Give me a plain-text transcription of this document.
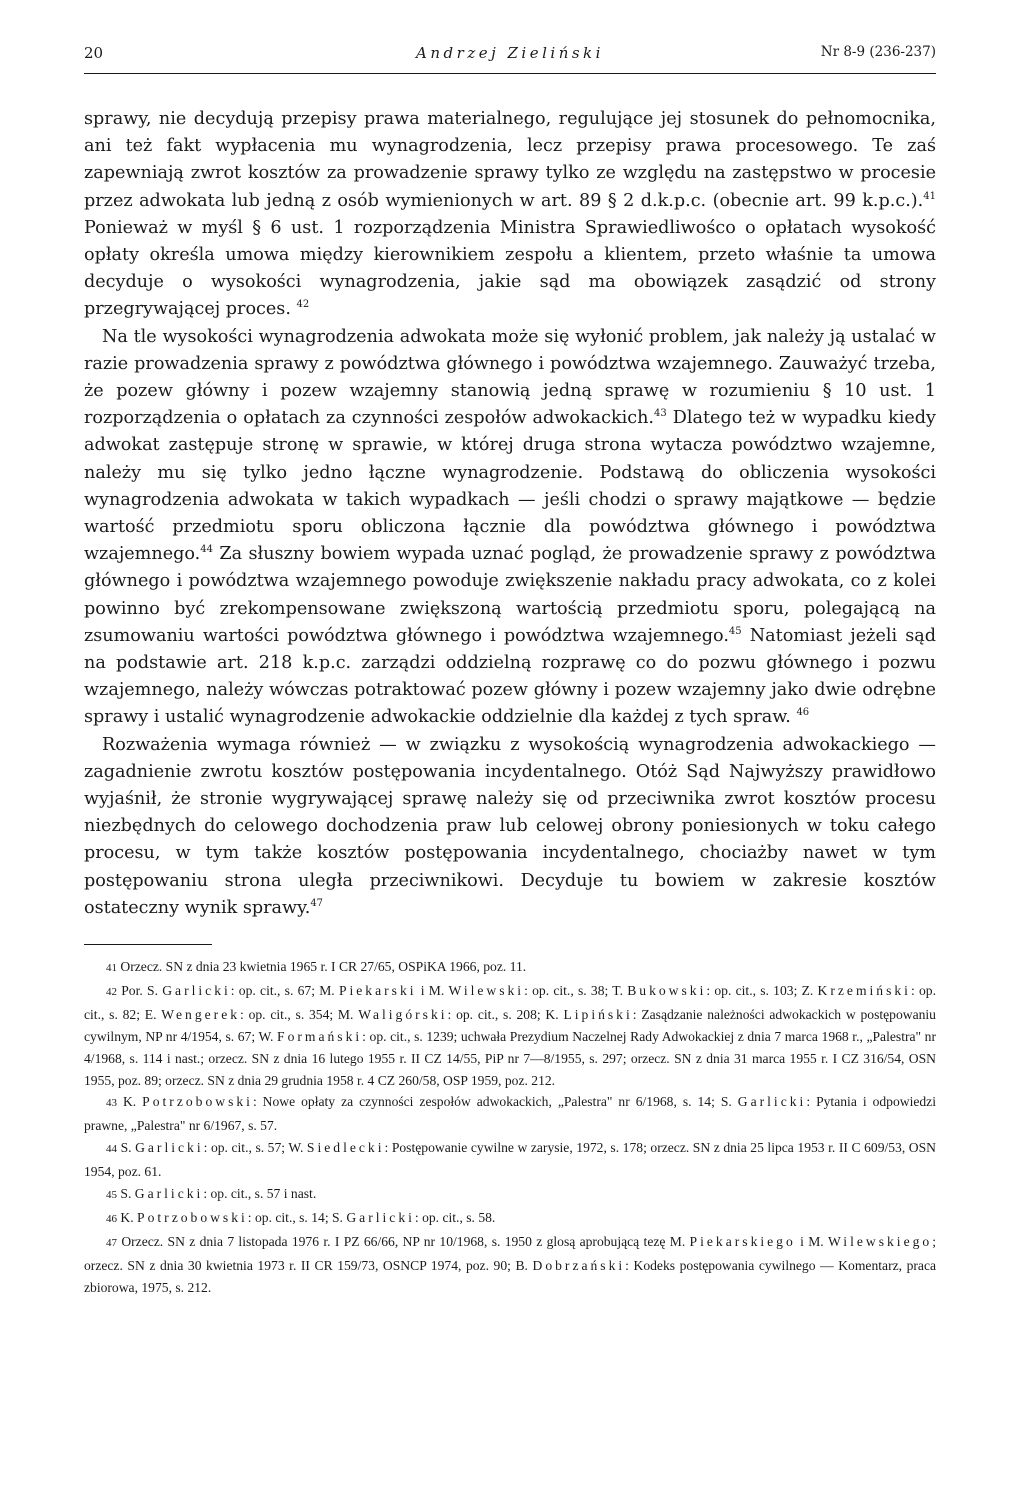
20	Andrzej Zieliński	Nr 8-9 (236-237)

sprawy, nie decydują przepisy prawa materialnego, regulujące jej stosunek do pełnomocnika, ani też fakt wypłacenia mu wynagrodzenia, lecz przepisy prawa procesowego. Te zaś zapewniają zwrot kosztów za prowadzenie sprawy tylko ze względu na zastępstwo w procesie przez adwokata lub jedną z osób wymienionych w art. 89 § 2 d.k.p.c. (obecnie art. 99 k.p.c.).$^{41}$ Ponieważ w myśl § 6 ust. 1 rozporządzenia Ministra Sprawiedliwośco o opłatach wysokość opłaty określa umowa między kierownikiem zespołu a klientem, przeto właśnie ta umowa decyduje o wysokości wynagrodzenia, jakie sąd ma obowiązek zasądzić od strony przegrywającej proces. $^{42}$

Na tle wysokości wynagrodzenia adwokata może się wyłonić problem, jak należy ją ustalać w razie prowadzenia sprawy z powództwa głównego i powództwa wzajemnego. Zauważyć trzeba, że pozew główny i pozew wzajemny stanowią jedną sprawę w rozumieniu § 10 ust. 1 rozporządzenia o opłatach za czynności zespołów adwokackich.$^{43}$ Dlatego też w wypadku kiedy adwokat zastępuje stronę w sprawie, w której druga strona wytacza powództwo wzajemne, należy mu się tylko jedno łączne wynagrodzenie. Podstawą do obliczenia wysokości wynagrodzenia adwokata w takich wypadkach — jeśli chodzi o sprawy majątkowe — będzie wartość przedmiotu sporu obliczona łącznie dla powództwa głównego i powództwa wzajemnego.$^{44}$ Za słuszny bowiem wypada uznać pogląd, że prowadzenie sprawy z powództwa głównego i powództwa wzajemnego powoduje zwiększenie nakładu pracy adwokata, co z kolei powinno być zrekompensowane zwiększoną wartością przedmiotu sporu, polegającą na zsumowaniu wartości powództwa głównego i powództwa wzajemnego.$^{45}$ Natomiast jeżeli sąd na podstawie art. 218 k.p.c. zarządzi oddzielną rozprawę co do pozwu głównego i pozwu wzajemnego, należy wówczas potraktować pozew główny i pozew wzajemny jako dwie odrębne sprawy i ustalić wynagrodzenie adwokackie oddzielnie dla każdej z tych spraw. $^{46}$

Rozważenia wymaga również — w związku z wysokością wynagrodzenia adwokackiego — zagadnienie zwrotu kosztów postępowania incydentalnego. Otóż Sąd Najwyższy prawidłowo wyjaśnił, że stronie wygrywającej sprawę należy się od przeciwnika zwrot kosztów procesu niezbędnych do celowego dochodzenia praw lub celowej obrony poniesionych w toku całego procesu, w tym także kosztów postępowania incydentalnego, chociażby nawet w tym postępowaniu strona uległa przeciwnikowi. Decyduje tu bowiem w zakresie kosztów ostateczny wynik sprawy.$^{47}$

41 Orzecz. SN z dnia 23 kwietnia 1965 r. I CR 27/65, OSPiKA 1966, poz. 11.

42 Por. S. Garlicki: op. cit., s. 67; M. Piekarski i M. Wilewski: op. cit., s. 38; T. Bukowski: op. cit., s. 103; Z. Krzemiński: op. cit., s. 82; E. Wengerek: op. cit., s. 354; M. Waligórski: op. cit., s. 208; K. Lipiński: Zasądzanie należności adwokackich w postępowaniu cywilnym, NP nr 4/1954, s. 67; W. Formański: op. cit., s. 1239; uchwała Prezydium Naczelnej Rady Adwokackiej z dnia 7 marca 1968 r., „Palestra" nr 4/1968, s. 114 i nast.; orzecz. SN z dnia 16 lutego 1955 r. II CZ 14/55, PiP nr 7—8/1955, s. 297; orzecz. SN z dnia 31 marca 1955 r. I CZ 316/54, OSN 1955, poz. 89; orzecz. SN z dnia 29 grudnia 1958 r. 4 CZ 260/58, OSP 1959, poz. 212.

43 K. Potrzobowski: Nowe opłaty za czynności zespołów adwokackich, „Palestra" nr 6/1968, s. 14; S. Garlicki: Pytania i odpowiedzi prawne, „Palestra" nr 6/1967, s. 57.

44 S. Garlicki: op. cit., s. 57; W. Siedlecki: Postępowanie cywilne w zarysie, 1972, s. 178; orzecz. SN z dnia 25 lipca 1953 r. II C 609/53, OSN 1954, poz. 61.

45 S. Garlicki: op. cit., s. 57 i nast.

46 K. Potrzobowski: op. cit., s. 14; S. Garlicki: op. cit., s. 58.

47 Orzecz. SN z dnia 7 listopada 1976 r. I PZ 66/66, NP nr 10/1968, s. 1950 z glosą aprobującą tezę M. Piekarskiego i M. Wilewskiego; orzecz. SN z dnia 30 kwietnia 1973 r. II CR 159/73, OSNCP 1974, poz. 90; B. Dobrzański: Kodeks postępowania cywilnego — Komentarz, praca zbiorowa, 1975, s. 212.
